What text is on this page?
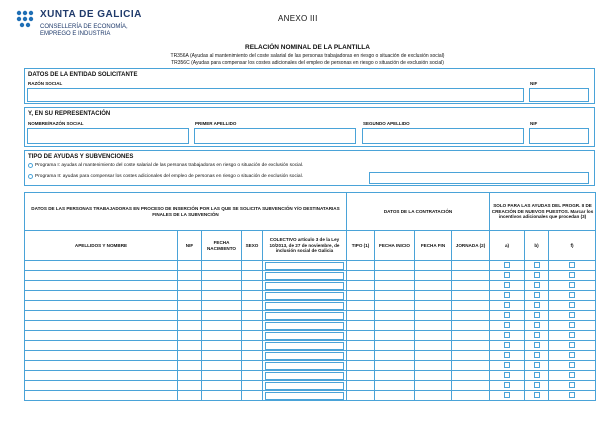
XUNTA DE GALICIA
CONSELLERÍA DE ECONOMÍA,
EMPREGO E INDUSTRIA
ANEXO III
RELACIÓN NOMINAL DE LA PLANTILLA
TR356A (Ayudas al mantenimiento del coste salarial de las personas trabajadoras en riesgo o situación de exclusión social)
TR356C (Ayudas para compensar los costes adicionales del empleo de personas en riesgo o situación de exclusión social)
DATOS DE LA ENTIDAD SOLICITANTE
RAZÓN SOCIAL	NIF
Y, EN SU REPRESENTACIÓN
NOMBRE/RAZÓN SOCIAL	PRIMER APELLIDO	SEGUNDO APELLIDO	NIF
TIPO DE AYUDAS Y SUBVENCIONES
Programa I: ayudas al mantenimiento del coste salarial de las personas trabajadoras en riesgo o situación de exclusión social.
Programa II: ayudas para compensar los costes adicionales del empleo de personas en riesgo o situación de exclusión social.
DATOS DE LAS PERSONAS TRABAJADORAS EN PROCESO DE INSERCIÓN POR LAS QUE SE SOLICITA SUBVENCIÓN Y/O DESTINATARIAS FINALES DE LA SUBVENCIÓN					DATOS DE LA CONTRATACIÓN				SOLO PARA LAS AYUDAS DEL PROGR. II DE CREACIÓN DE NUEVOS PUESTOS. Marcar los incentivos adicionales que procedan (3)		
APELLIDOS Y NOMBRE	NIF	FECHA NACIMIENTO	SEXO	COLECTIVO artículo 3 de la Ley 10/2013, de 27 de noviembre, de inclusión social de Galicia	TIPO (1)	FECHA INICIO	FECHA FIN	JORNADA (2)	a)	b)	f)
